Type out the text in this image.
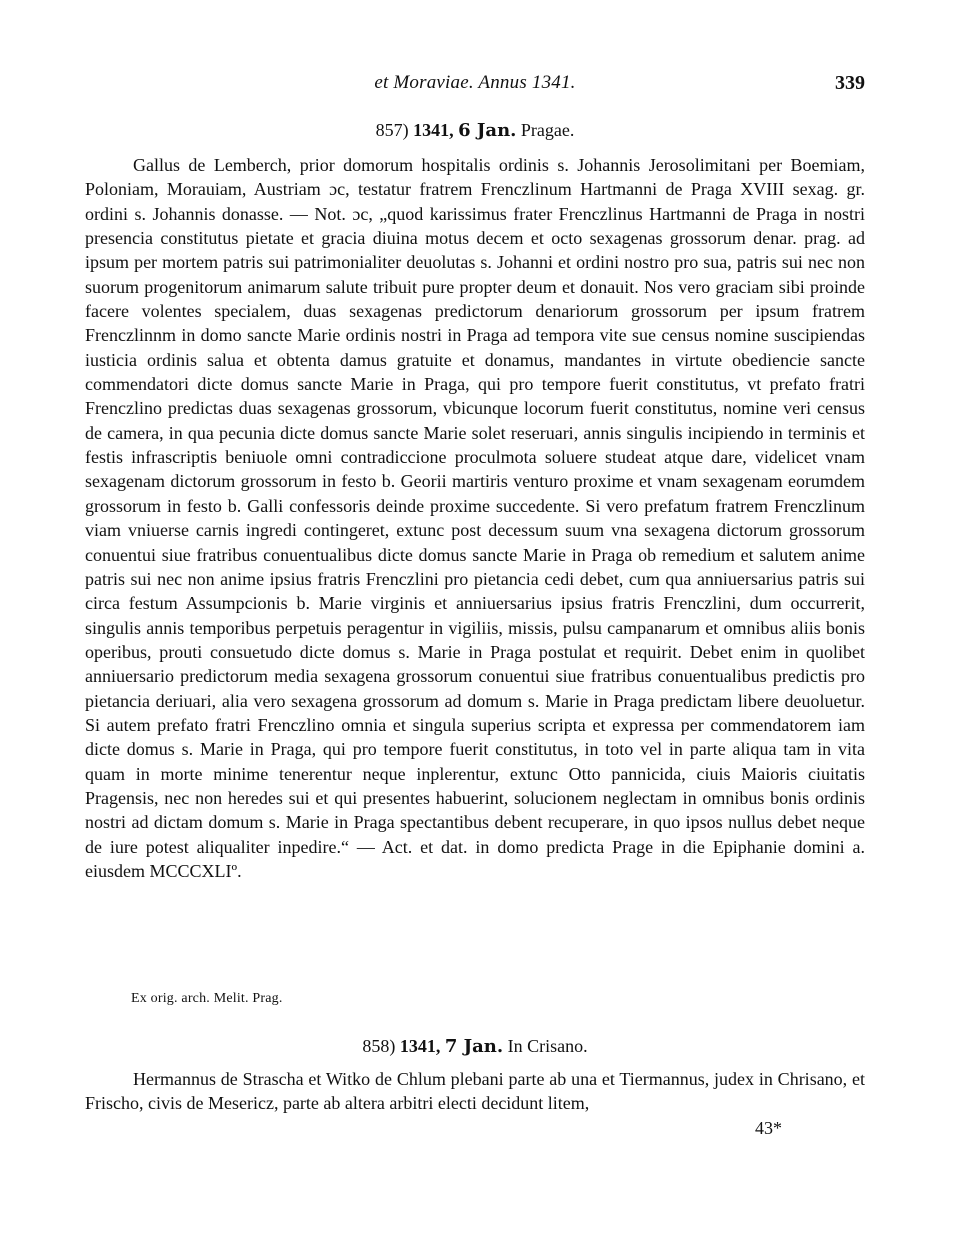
et Moraviae. Annus 1341.	339
857) 1341, 6 Jan. Pragae.

Gallus de Lemberch, prior domorum hospitalis ordinis s. Johannis Jerosolimitani per Boemiam, Poloniam, Morauiam, Austriam ɔc, testatur fratrem Frenczlinum Hartmanni de Praga XVIII sexag. gr. ordini s. Johannis donasse. — Not. ɔc, „quod karissimus frater Frenczlinus Hartmanni de Praga in nostri presencia constitutus pietate et gracia diuina motus decem et octo sexagenas grossorum denar. prag. ad ipsum per mortem patris sui patrimonialiter deuolutas s. Johanni et ordini nostro pro sua, patris sui nec non suorum progenitorum animarum salute tribuit pure propter deum et donauit. Nos vero graciam sibi proinde facere volentes specialem, duas sexagenas predictorum denariorum grossorum per ipsum fratrem Frenczlinnm in domo sancte Marie ordinis nostri in Praga ad tempora vite sue census nomine suscipiendas iusticia ordinis salua et obtenta damus gratuite et donamus, mandantes in virtute obediencie sancte commendatori dicte domus sancte Marie in Praga, qui pro tempore fuerit constitutus, vt prefato fratri Frenczlino predictas duas sexagenas grossorum, vbicunque locorum fuerit constitutus, nomine veri census de camera, in qua pecunia dicte domus sancte Marie solet reseruari, annis singulis incipiendo in terminis et festis infrascriptis beniuole omni contradiccione proculmota soluere studeat atque dare, videlicet vnam sexagenam dictorum grossorum in festo b. Georii martiris venturo proxime et vnam sexagenam eorumdem grossorum in festo b. Galli confessoris deinde proxime succedente. Si vero prefatum fratrem Frenczlinum viam vniuerse carnis ingredi contingeret, extunc post decessum suum vna sexagena dictorum grossorum conuentui siue fratribus conuentualibus dicte domus sancte Marie in Praga ob remedium et salutem anime patris sui nec non anime ipsius fratris Frenczlini pro pietancia cedi debet, cum qua anniuersarius patris sui circa festum Assumpcionis b. Marie virginis et anniuersarius ipsius fratris Frenczlini, dum occurrerit, singulis annis temporibus perpetuis peragentur in vigiliis, missis, pulsu campanarum et omnibus aliis bonis operibus, prouti consuetudo dicte domus s. Marie in Praga postulat et requirit. Debet enim in quolibet anniuersario predictorum media sexagena grossorum conuentui siue fratribus conuentualibus predictis pro pietancia deriuari, alia vero sexagena grossorum ad domum s. Marie in Praga predictam libere deuoluetur. Si autem prefato fratri Frenczlino omnia et singula superius scripta et expressa per commendatorem iam dicte domus s. Marie in Praga, qui pro tempore fuerit constitutus, in toto vel in parte aliqua tam in vita quam in morte minime tenerentur neque inplerentur, extunc Otto pannicida, ciuis Maioris ciuitatis Pragensis, nec non heredes sui et qui presentes habuerint, solucionem neglectam in omnibus bonis ordinis nostri ad dictam domum s. Marie in Praga spectantibus debent recuperare, in quo ipsos nullus debet neque de iure potest aliqualiter inpedire.“ — Act. et dat. in domo predicta Prage in die Epiphanie domini a. eiusdem MCCCXLIº.

Ex orig. arch. Melit. Prag.
858) 1341, 7 Jan. In Crisano.

Hermannus de Strascha et Witko de Chlum plebani parte ab una et Tiermannus, judex in Chrisano, et Frischo, civis de Meseriсz, parte ab altera arbitri electi decidunt litem,

43*
